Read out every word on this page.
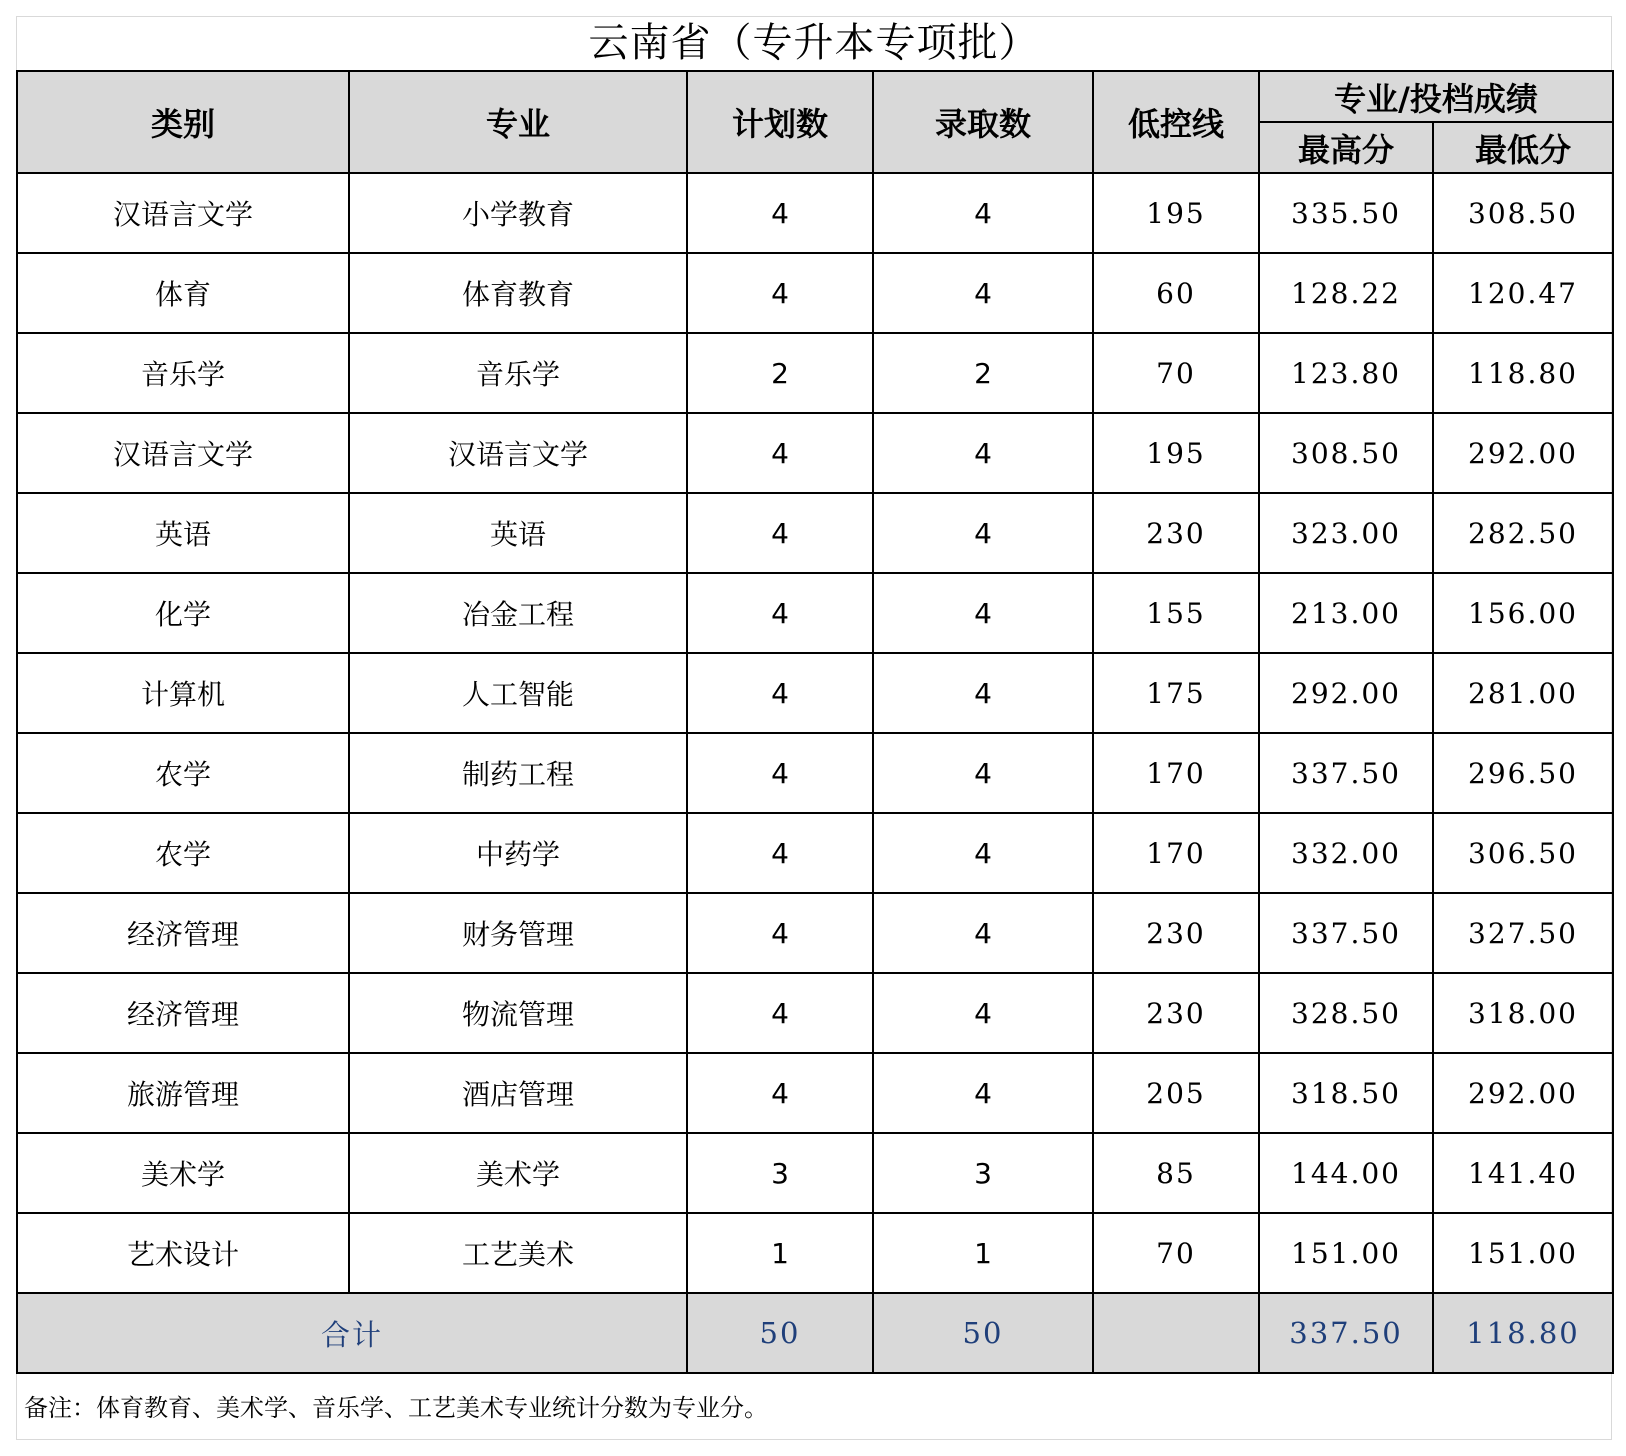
云南省（专升本专项批）
类别	专业	计划数	录取数	低控线	专业/投档成绩	
					最高分	最低分
汉语言文学	小学教育	4	4	195	335.50	308.50
体育	体育教育	4	4	60	128.22	120.47
音乐学	音乐学	2	2	70	123.80	118.80
汉语言文学	汉语言文学	4	4	195	308.50	292.00
英语	英语	4	4	230	323.00	282.50
化学	冶金工程	4	4	155	213.00	156.00
计算机	人工智能	4	4	175	292.00	281.00
农学	制药工程	4	4	170	337.50	296.50
农学	中药学	4	4	170	332.00	306.50
经济管理	财务管理	4	4	230	337.50	327.50
经济管理	物流管理	4	4	230	328.50	318.00
旅游管理	酒店管理	4	4	205	318.50	292.00
美术学	美术学	3	3	85	144.00	141.40
艺术设计	工艺美术	1	1	70	151.00	151.00
合计		50	50		337.50	118.80
备注：体育教育、美术学、音乐学、工艺美术专业统计分数为专业分。
